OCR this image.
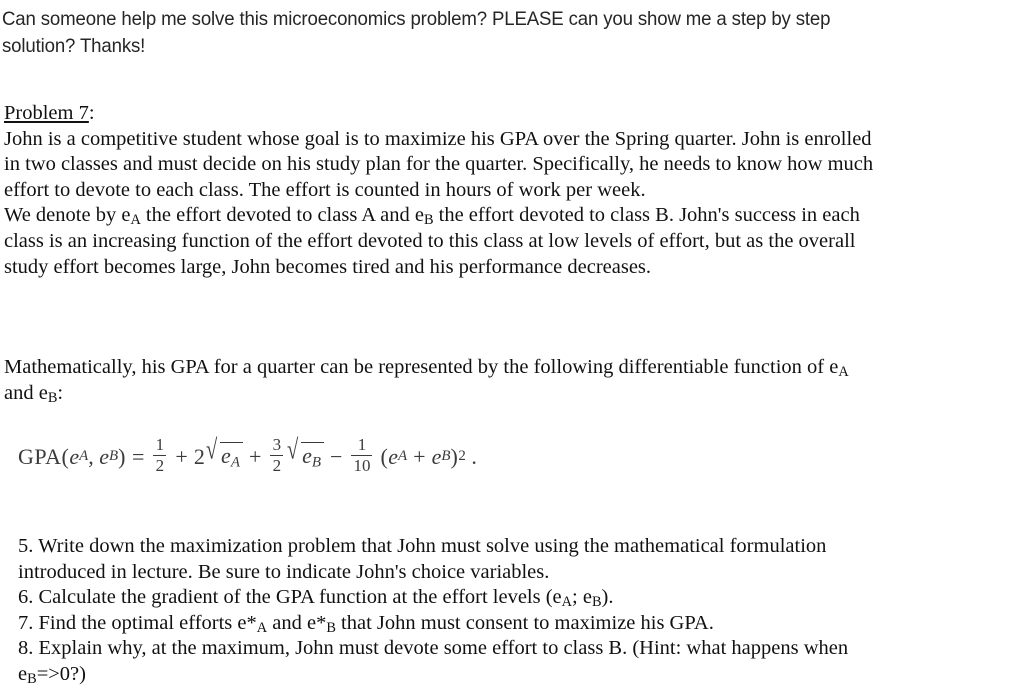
Can someone help me solve this microeconomics problem? PLEASE can you show me a step by step
solution? Thanks!

Problem 7:

John is a competitive student whose goal is to maximize his GPA over the Spring quarter. John is enrolled

in two classes and must decide on his study plan for the quarter. Specifically, he needs to know how much

effort to devote to each class. The effort is counted in hours of work per week.

We denote by $e_A$ the effort devoted to class A and $e_B$ the effort devoted to class B. John's success in each

class is an increasing function of the effort devoted to this class at low levels of effort, but as the overall

study effort becomes large, John becomes tired and his performance decreases.

Mathematically, his GPA for a quarter can be represented by the following differentiable function of $e_A$

and $e_B$:

GPA ( e A , e B ) = $\frac{1}{2} + 2$ √ eA + $\frac{3}{2}$ √ eB − $\frac{1}{10}$ ( e A + e B ) 2 .
5. Write down the maximization problem that John must solve using the mathematical formulation
introduced in lecture. Be sure to indicate John's choice variables.
6. Calculate the gradient of the GPA function at the effort levels ($e_A$; $e_B$).
7. Find the optimal efforts $e*_A$ and $e*_B$ that John must consent to maximize his GPA.
8. Explain why, at the maximum, John must devote some effort to class B. (Hint: what happens when
$e_B=>0$?)
